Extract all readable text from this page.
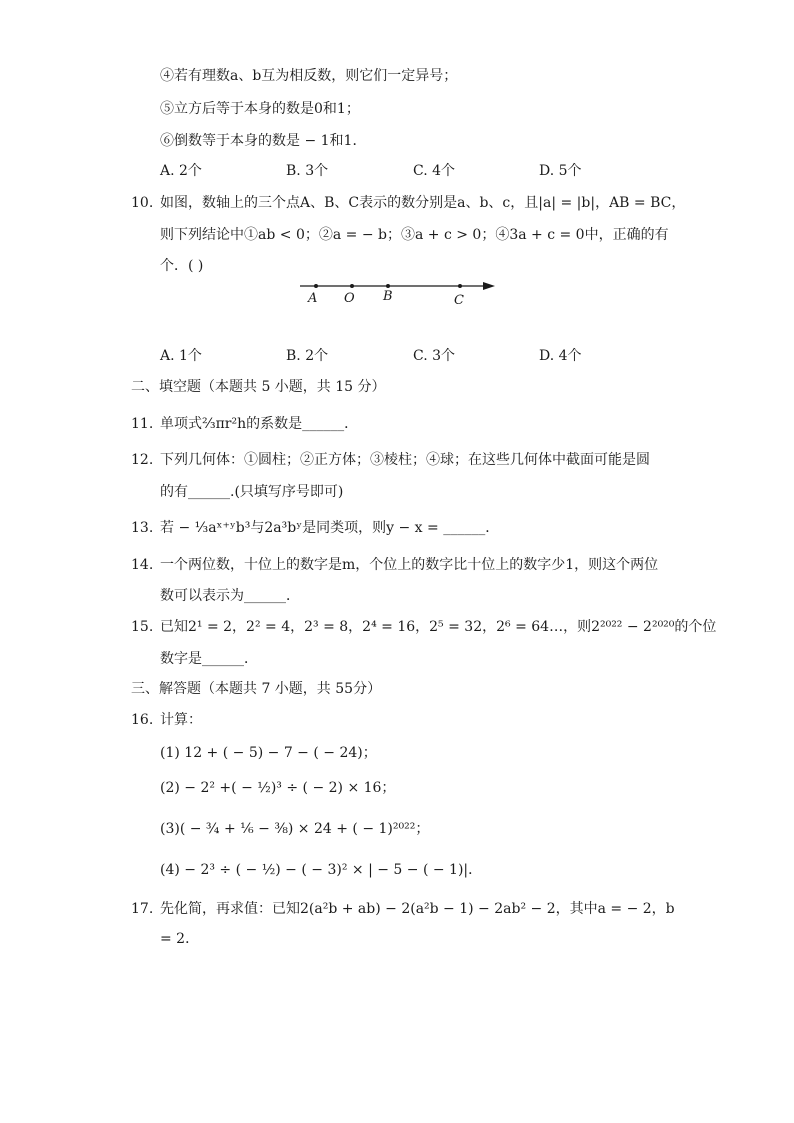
④若有理数a、b互为相反数，则它们一定异号；
⑤立方后等于本身的数是0和1；
⑥倒数等于本身的数是 − 1和1．
A. 2个	B. 3个	C. 4个	D. 5个
10. 如图，数轴上的三个点A、B、C表示的数分别是a、b、c，且|a| = |b|，AB = BC，
则下列结论中①ab < 0；②a = − b；③a + c > 0；④3a + c = 0中，正确的有
个．( )
A O B	C
A. 1个	B. 2个	C. 3个	D. 4个
二、填空题（本题共 5 小题，共 15 分）
11. 单项式⅔πr²h的系数是______．
12. 下列几何体：①圆柱；②正方体；③棱柱；④球；在这些几何体中截面可能是圆
的有______.(只填写序号即可)
13. 若 − ⅓aˣ⁺ʸb³与2a³bʸ是同类项，则y − x = ______．
14. 一个两位数，十位上的数字是m，个位上的数字比十位上的数字少1，则这个两位
数可以表示为______．
15. 已知2¹ = 2，2² = 4，2³ = 8，2⁴ = 16，2⁵ = 32，2⁶ = 64…，则2²⁰²² − 2²⁰²⁰的个位
数字是______．
三、解答题（本题共 7 小题，共 55分）
16. 计算：
(1) 12 + ( − 5) − 7 − ( − 24)；
(2) − 2² +( − ½)³ ÷ ( − 2) × 16；
(3)( − ¾ + ⅙ − ⅜) × 24 + ( − 1)²⁰²²；
(4) − 2³ ÷ ( − ½) − ( − 3)² × | − 5 − ( − 1)|．
17. 先化简，再求值：已知2(a²b + ab) − 2(a²b − 1) − 2ab² − 2，其中a = − 2，b
= 2．
